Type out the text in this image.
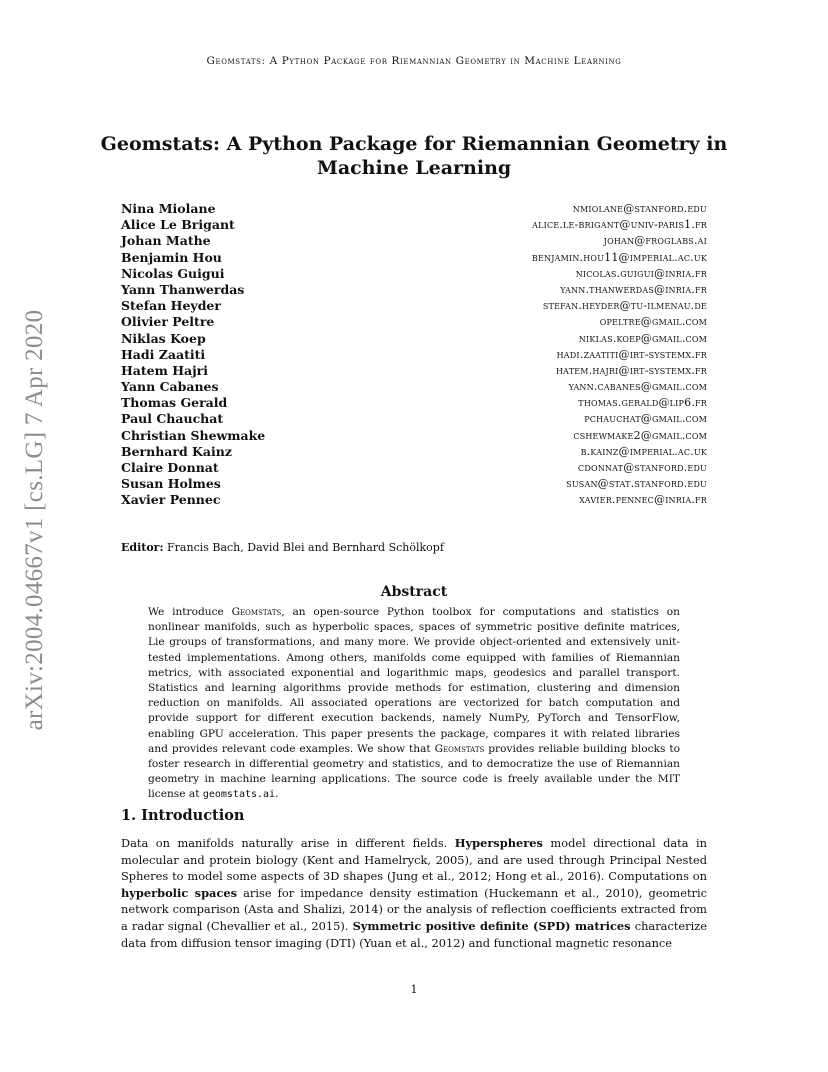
Geomstats: A Python Package for Riemannian Geometry in Machine Learning
arXiv:2004.04667v1 [cs.LG] 7 Apr 2020
Geomstats: A Python Package for Riemannian Geometry in Machine Learning
Nina Miolane	nmiolane@stanford.edu
Alice Le Brigant	alice.le-brigant@univ-paris1.fr
Johan Mathe	johan@froglabs.ai
Benjamin Hou	benjamin.hou11@imperial.ac.uk
Nicolas Guigui	nicolas.guigui@inria.fr
Yann Thanwerdas	yann.thanwerdas@inria.fr
Stefan Heyder	stefan.heyder@tu-ilmenau.de
Olivier Peltre	opeltre@gmail.com
Niklas Koep	niklas.koep@gmail.com
Hadi Zaatiti	hadi.zaatiti@irt-systemx.fr
Hatem Hajri	hatem.hajri@irt-systemx.fr
Yann Cabanes	yann.cabanes@gmail.com
Thomas Gerald	thomas.gerald@lip6.fr
Paul Chauchat	pchauchat@gmail.com
Christian Shewmake	cshewmake2@gmail.com
Bernhard Kainz	b.kainz@imperial.ac.uk
Claire Donnat	cdonnat@stanford.edu
Susan Holmes	susan@stat.stanford.edu
Xavier Pennec	xavier.pennec@inria.fr
Editor: Francis Bach, David Blei and Bernhard Schölkopf
Abstract

We introduce Geomstats, an open-source Python toolbox for computations and statistics on nonlinear manifolds, such as hyperbolic spaces, spaces of symmetric positive definite matrices, Lie groups of transformations, and many more. We provide object-oriented and extensively unit-tested implementations. Among others, manifolds come equipped with families of Riemannian metrics, with associated exponential and logarithmic maps, geodesics and parallel transport. Statistics and learning algorithms provide methods for estimation, clustering and dimension reduction on manifolds. All associated operations are vectorized for batch computation and provide support for different execution backends, namely NumPy, PyTorch and TensorFlow, enabling GPU acceleration. This paper presents the package, compares it with related libraries and provides relevant code examples. We show that Geomstats provides reliable building blocks to foster research in differential geometry and statistics, and to democratize the use of Riemannian geometry in machine learning applications. The source code is freely available under the MIT license at geomstats.ai.

1. Introduction

Data on manifolds naturally arise in different fields. Hyperspheres model directional data in molecular and protein biology (Kent and Hamelryck, 2005), and are used through Principal Nested Spheres to model some aspects of 3D shapes (Jung et al., 2012; Hong et al., 2016). Computations on hyperbolic spaces arise for impedance density estimation (Huckemann et al., 2010), geometric network comparison (Asta and Shalizi, 2014) or the analysis of reflection coefficients extracted from a radar signal (Chevallier et al., 2015). Symmetric positive definite (SPD) matrices characterize data from diffusion tensor imaging (DTI) (Yuan et al., 2012) and functional magnetic resonance

1
